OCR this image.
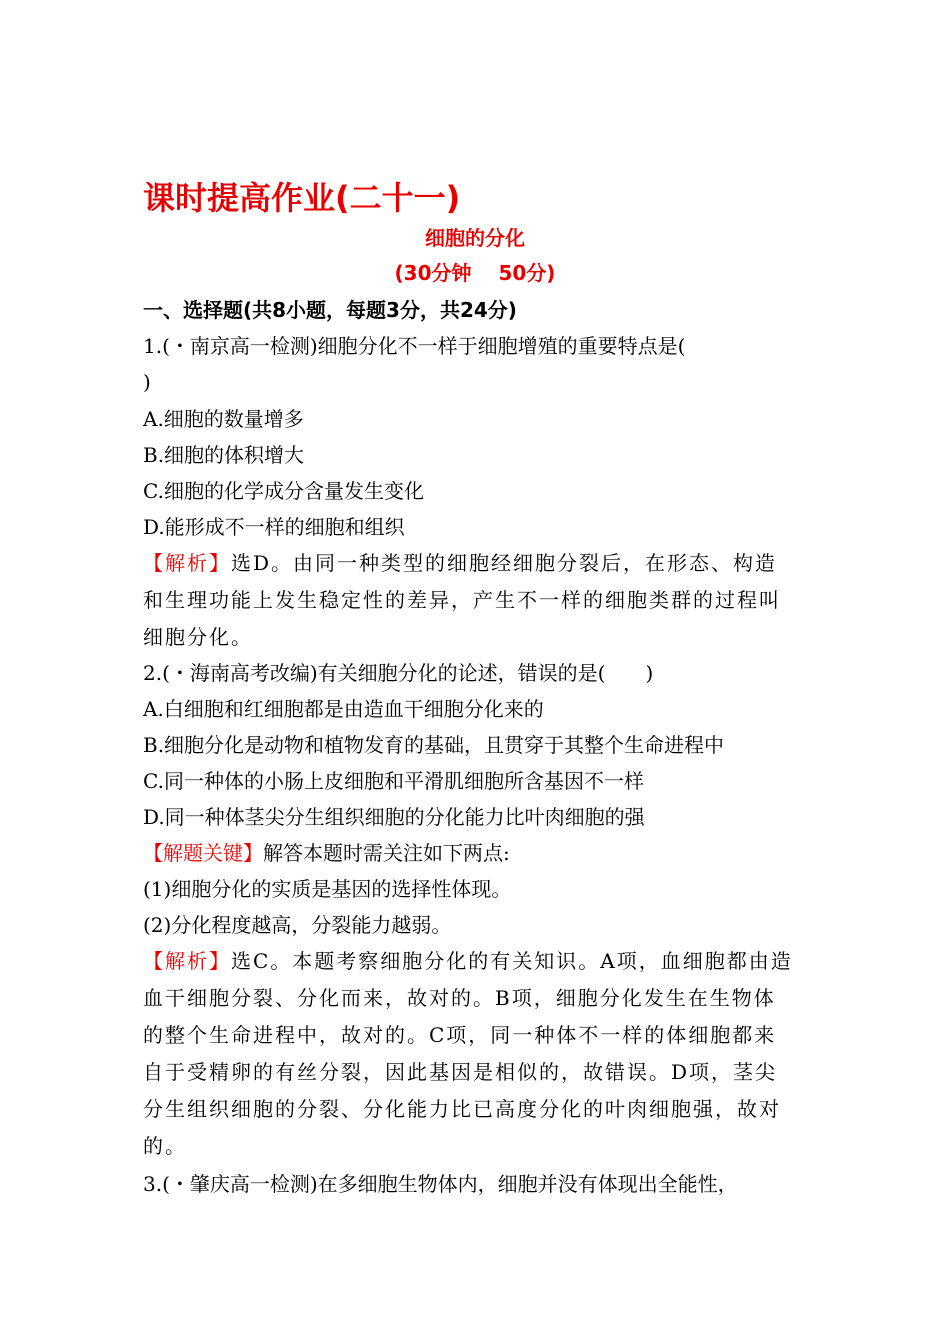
课时提高作业(二十一)
细胞的分化
(30分钟　 50分)
一、选择题(共8小题，每题3分，共24分)
1.(・南京高一检测)细胞分化不一样于细胞增殖的重要特点是(
)
A.细胞的数量增多
B.细胞的体积增大
C.细胞的化学成分含量发生变化
D.能形成不一样的细胞和组织
【解析】选D。由同一种类型的细胞经细胞分裂后，在形态、构造
和生理功能上发生稳定性的差异，产生不一样的细胞类群的过程叫
细胞分化。
2.(・海南高考改编)有关细胞分化的论述，错误的是(　　)
A.白细胞和红细胞都是由造血干细胞分化来的
B.细胞分化是动物和植物发育的基础，且贯穿于其整个生命进程中
C.同一种体的小肠上皮细胞和平滑肌细胞所含基因不一样
D.同一种体茎尖分生组织细胞的分化能力比叶肉细胞的强
【解题关键】解答本题时需关注如下两点:
(1)细胞分化的实质是基因的选择性体现。
(2)分化程度越高，分裂能力越弱。
【解析】选C。本题考察细胞分化的有关知识。A项，血细胞都由造
血干细胞分裂、分化而来，故对的。B项，细胞分化发生在生物体
的整个生命进程中，故对的。C项，同一种体不一样的体细胞都来
自于受精卵的有丝分裂，因此基因是相似的，故错误。D项，茎尖
分生组织细胞的分裂、分化能力比已高度分化的叶肉细胞强，故对
的。
3.(・肇庆高一检测)在多细胞生物体内，细胞并没有体现出全能性，
